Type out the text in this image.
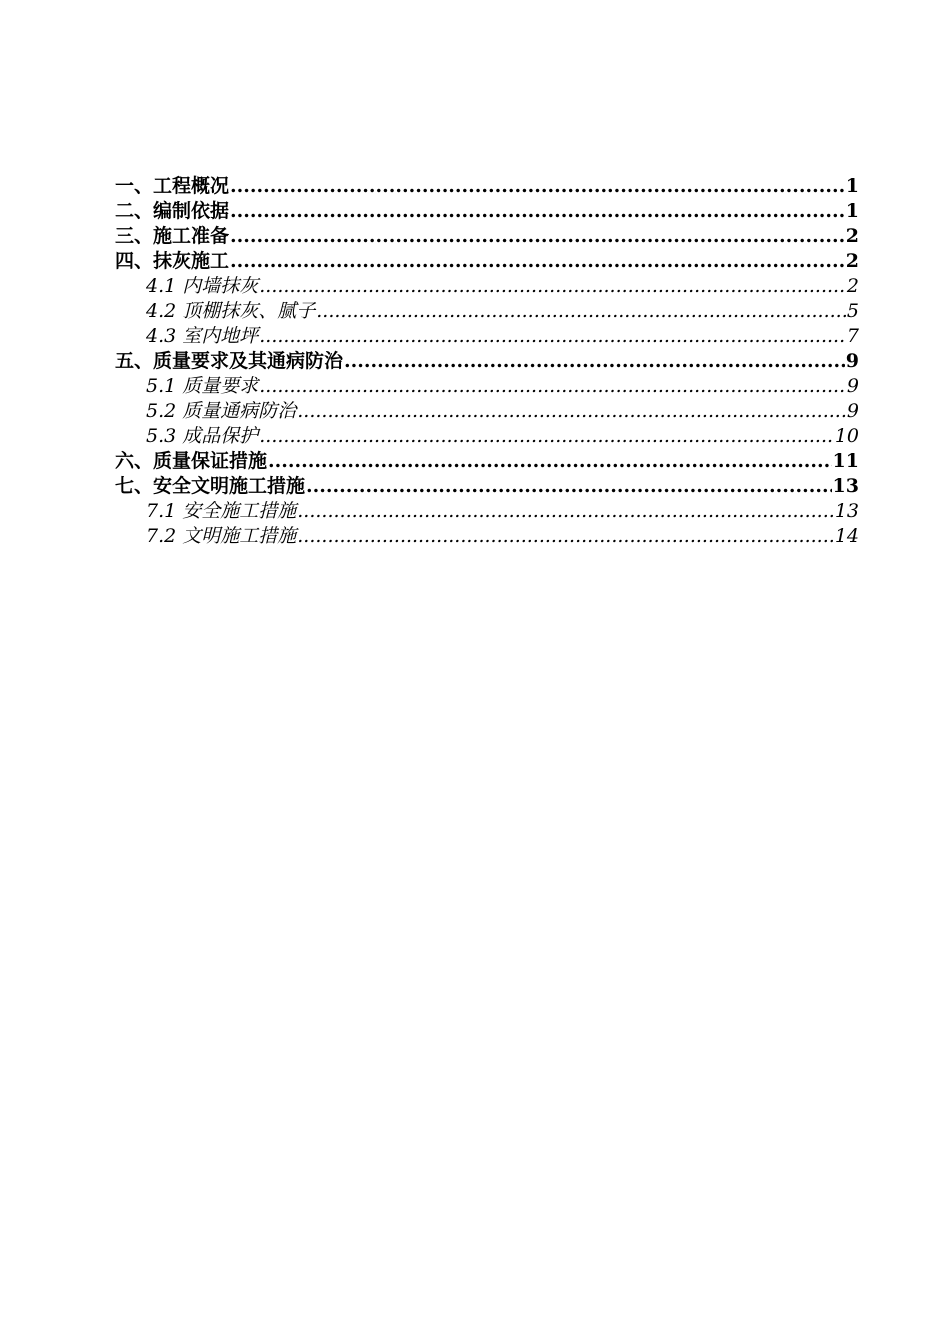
一、工程概况 .....	1
二、编制依据 .....	1
三、施工准备 .....	2
四、抹灰施工 .....	2
4.1 内墙抹灰 .....	2
4.2 顶棚抹灰、腻子 .....	5
4.3 室内地坪 .....	7
五、质量要求及其通病防治 .....	9
5.1 质量要求 .....	9
5.2 质量通病防治 .....	9
5.3 成品保护 .....	10
六、质量保证措施 .....	11
七、安全文明施工措施 .....	13
7.1 安全施工措施 .....	13
7.2 文明施工措施 .....	14
